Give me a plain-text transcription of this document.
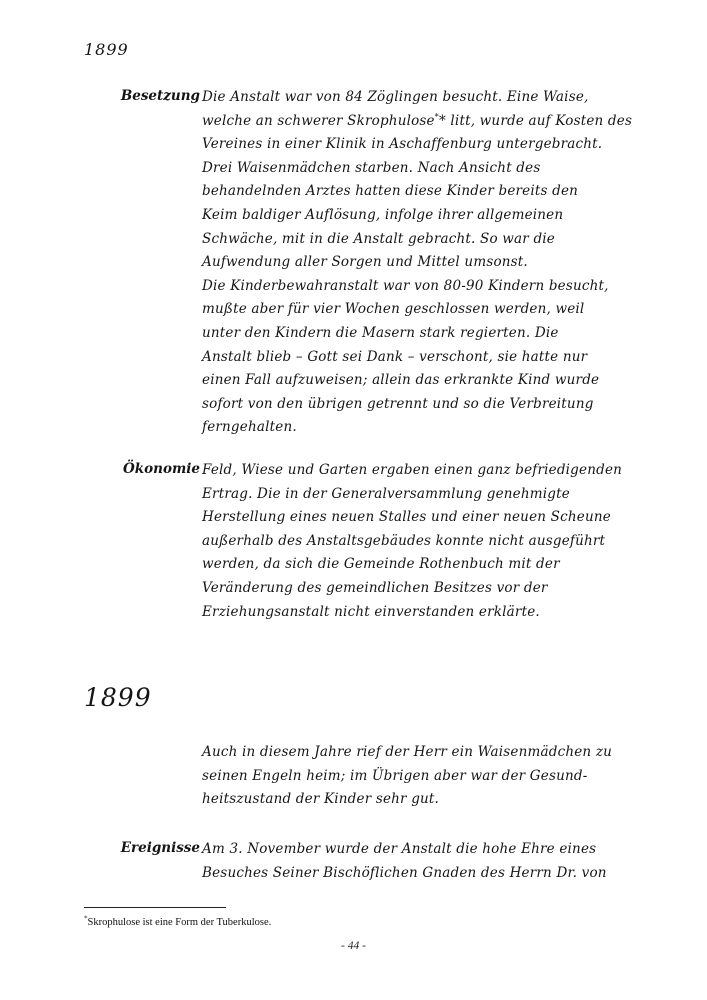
1899
Besetzung Die Anstalt war von 84 Zöglingen besucht. Eine Waise,
welche an schwerer Skrophulose** litt, wurde auf Kosten des
Vereines in einer Klinik in Aschaffenburg untergebracht.
Drei Waisenmädchen starben. Nach Ansicht des
behandelnden Arztes hatten diese Kinder bereits den
Keim baldiger Auflösung, infolge ihrer allgemeinen
Schwäche, mit in die Anstalt gebracht. So war die
Aufwendung aller Sorgen und Mittel umsonst.
Die Kinderbewahranstalt war von 80-90 Kindern besucht,
mußte aber für vier Wochen geschlossen werden, weil
unter den Kindern die Masern stark regierten. Die
Anstalt blieb – Gott sei Dank – verschont, sie hatte nur
einen Fall aufzuweisen; allein das erkrankte Kind wurde
sofort von den übrigen getrennt und so die Verbreitung
ferngehalten.
Ökonomie Feld, Wiese und Garten ergaben einen ganz befriedigenden
Ertrag. Die in der Generalversammlung genehmigte
Herstellung eines neuen Stalles und einer neuen Scheune
außerhalb des Anstaltsgebäudes konnte nicht ausgeführt
werden, da sich die Gemeinde Rothenbuch mit der
Veränderung des gemeindlichen Besitzes vor der
Erziehungsanstalt nicht einverstanden erklärte.
1899
Auch in diesem Jahre rief der Herr ein Waisenmädchen zu
seinen Engeln heim; im Übrigen aber war der Gesund-
heitszustand der Kinder sehr gut.
Ereignisse Am 3. November wurde der Anstalt die hohe Ehre eines
Besuches Seiner Bischöflichen Gnaden des Herrn Dr. von
*Skrophulose ist eine Form der Tuberkulose.
- 44 -
